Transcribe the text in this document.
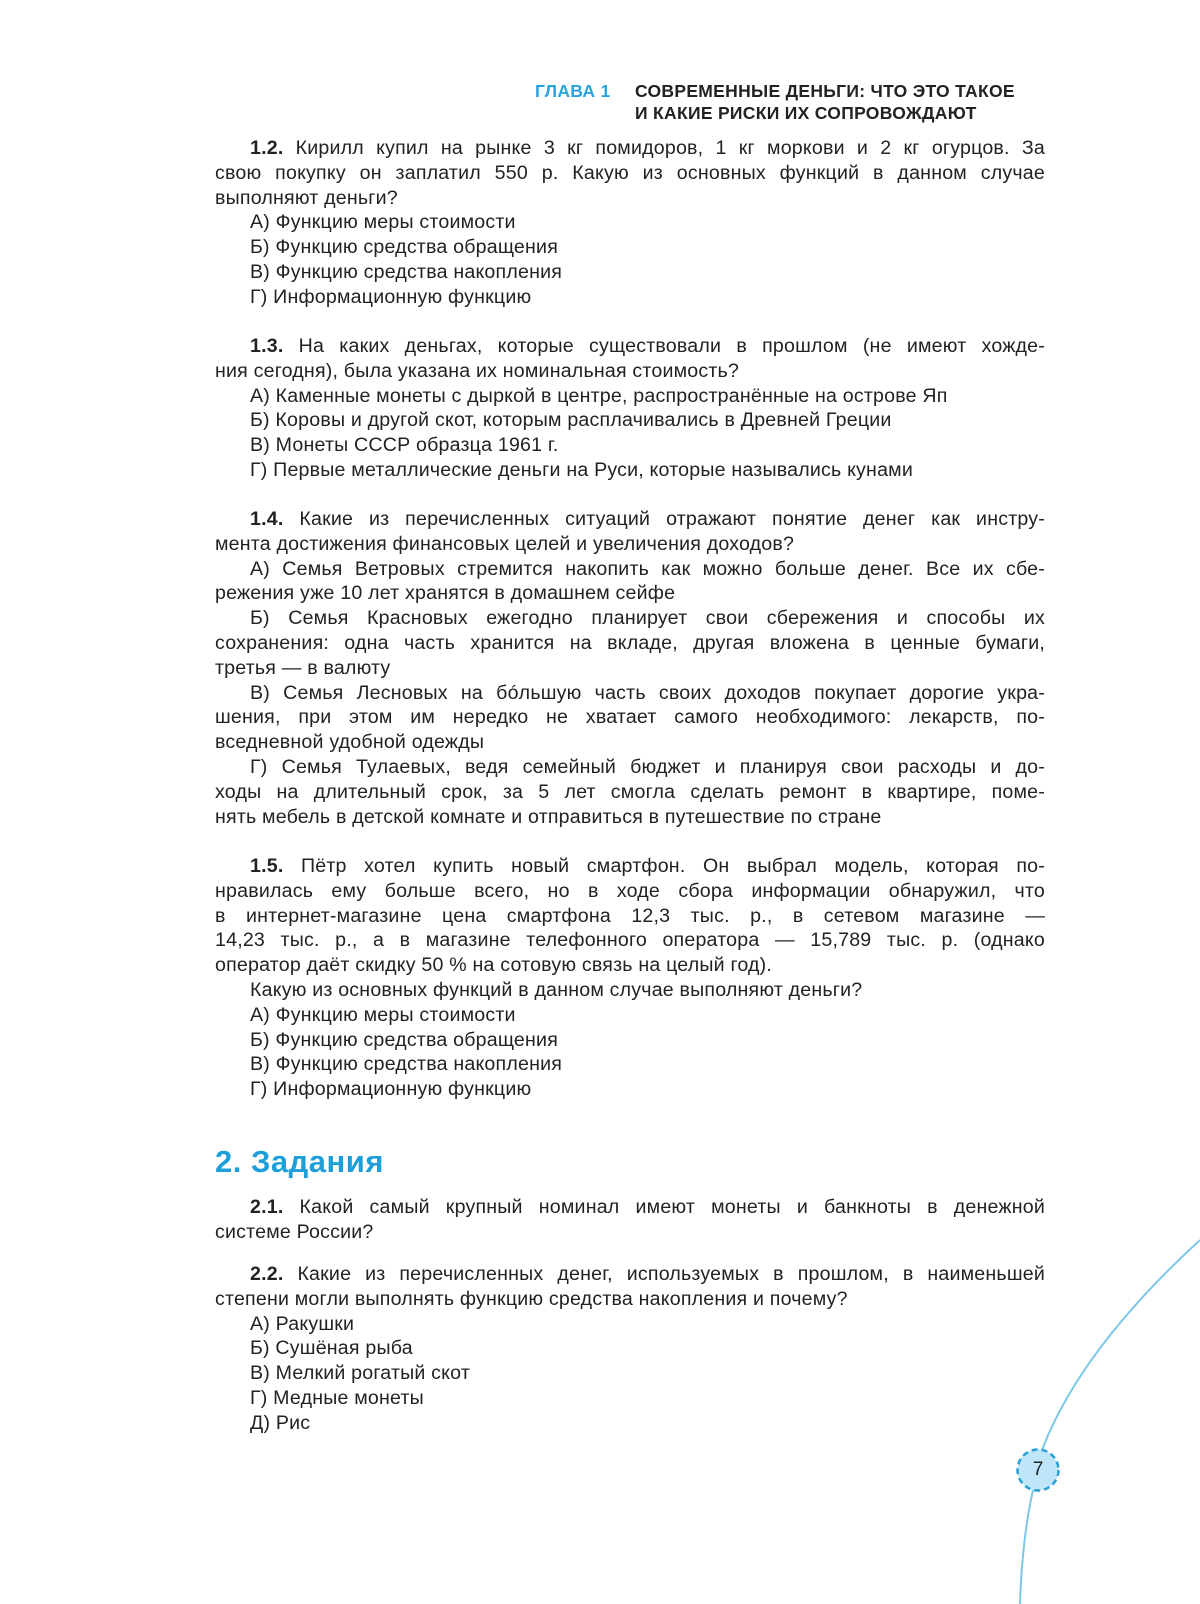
7
ГЛАВА 1 СОВРЕМЕННЫЕ ДЕНЬГИ: ЧТО ЭТО ТАКОЕ
И КАКИЕ РИСКИ ИХ СОПРОВОЖДАЮТ
2. Задания
1.2. Кирилл купил на рынке 3 кг помидоров, 1 кг моркови и 2 кг огурцов. За
свою покупку он заплатил 550 р. Какую из основных функций в данном случае
выполняют деньги?
А) Функцию меры стоимости
Б) Функцию средства обращения
В) Функцию средства накопления
Г) Информационную функцию
1.3. На каких деньгах, которые существовали в прошлом (не имеют хожде-
ния сегодня), была указана их номинальная стоимость?
А) Каменные монеты с дыркой в центре, распространённые на острове Яп
Б) Коровы и другой скот, которым расплачивались в Древней Греции
В) Монеты СССР образца 1961 г.
Г) Первые металлические деньги на Руси, которые назывались кунами
1.4. Какие из перечисленных ситуаций отражают понятие денег как инстру-
мента достижения финансовых целей и увеличения доходов?
А) Семья Ветровых стремится накопить как можно больше денег. Все их сбе-
режения уже 10 лет хранятся в домашнем сейфе
Б) Семья Красновых ежегодно планирует свои сбережения и способы их
сохранения: одна часть хранится на вкладе, другая вложена в ценные бумаги,
третья — в валюту
В) Семья Лесновых на бóльшую часть своих доходов покупает дорогие укра-
шения, при этом им нередко не хватает самого необходимого: лекарств, по-
вседневной удобной одежды
Г) Семья Тулаевых, ведя семейный бюджет и планируя свои расходы и до-
ходы на длительный срок, за 5 лет смогла сделать ремонт в квартире, поме-
нять мебель в детской комнате и отправиться в путешествие по стране
1.5. Пётр хотел купить новый смартфон. Он выбрал модель, которая по-
нравилась ему больше всего, но в ходе сбора информации обнаружил, что
в интернет-магазине цена смартфона 12,3 тыс. р., в сетевом магазине —
14,23 тыс. р., а в магазине телефонного оператора — 15,789 тыс. р. (однако
оператор даёт скидку 50 % на сотовую связь на целый год).
Какую из основных функций в данном случае выполняют деньги?
А) Функцию меры стоимости
Б) Функцию средства обращения
В) Функцию средства накопления
Г) Информационную функцию
2.1. Какой самый крупный номинал имеют монеты и банкноты в денежной
системе России?
2.2. Какие из перечисленных денег, используемых в прошлом, в наименьшей
степени могли выполнять функцию средства накопления и почему?
А) Ракушки
Б) Сушёная рыба
В) Мелкий рогатый скот
Г) Медные монеты
Д) Рис
